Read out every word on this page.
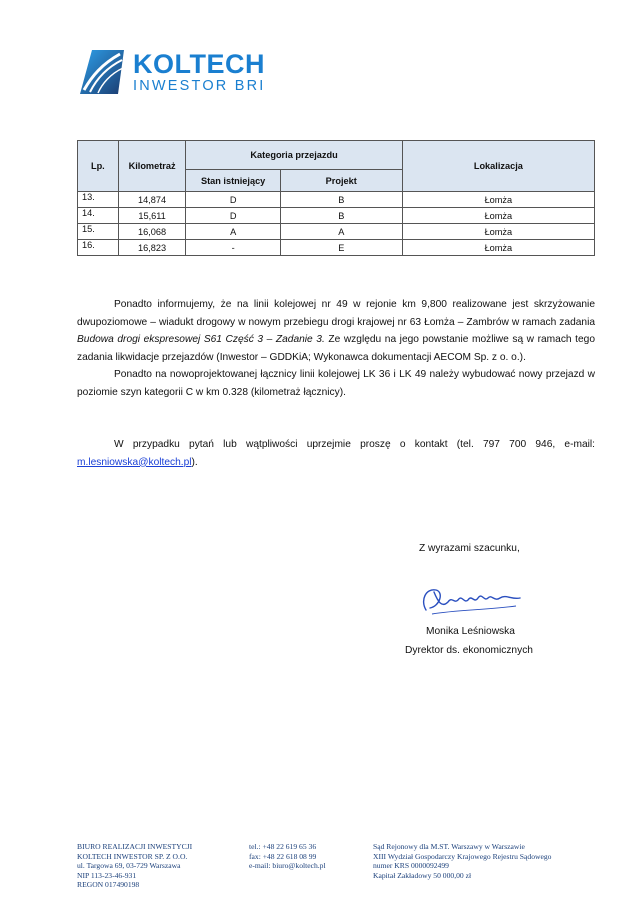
KOLTECH
INWESTOR BRI
Lp.	Kilometraż	Kategoria przejazdu		Lokalizacja
		Stan istniejący	Projekt	
13.	14,874	D	B	Łomża
14.	15,611	D	B	Łomża
15.	16,068	A	A	Łomża
16.	16,823	-	E	Łomża

Ponadto informujemy, że na linii kolejowej nr 49 w rejonie km 9,800 realizowane jest skrzyżowanie dwupoziomowe – wiadukt drogowy w nowym przebiegu drogi krajowej nr 63 Łomża – Zambrów w ramach zadania Budowa drogi ekspresowej S61 Część 3 – Zadanie 3. Ze względu na jego powstanie możliwe są w ramach tego zadania likwidacje przejazdów (Inwestor – GDDKiA; Wykonawca dokumentacji AECOM Sp. z o. o.).

Ponadto na nowoprojektowanej łącznicy linii kolejowej LK 36 i LK 49 należy wybudować nowy przejazd w poziomie szyn kategorii C w km 0.328 (kilometraż łącznicy).

W przypadku pytań lub wątpliwości uprzejmie proszę o kontakt (tel. 797 700 946, e-mail: m.lesniowska@koltech.pl).

Z wyrazami szacunku,
Monika Leśniowska
Dyrektor ds. ekonomicznych
BIURO REALIZACJI INWESTYCJI
KOLTECH INWESTOR SP. Z O.O.
ul. Targowa 69, 03-729 Warszawa
NIP 113-23-46-931
REGON 017490198
tel.: +48 22 619 65 36
fax: +48 22 618 08 99
e-mail: biuro@koltech.pl
Sąd Rejonowy dla M.ST. Warszawy w Warszawie
XIII Wydział Gospodarczy Krajowego Rejestru Sądowego
numer KRS 0000092499
Kapitał Zakładowy 50 000,00 zł
